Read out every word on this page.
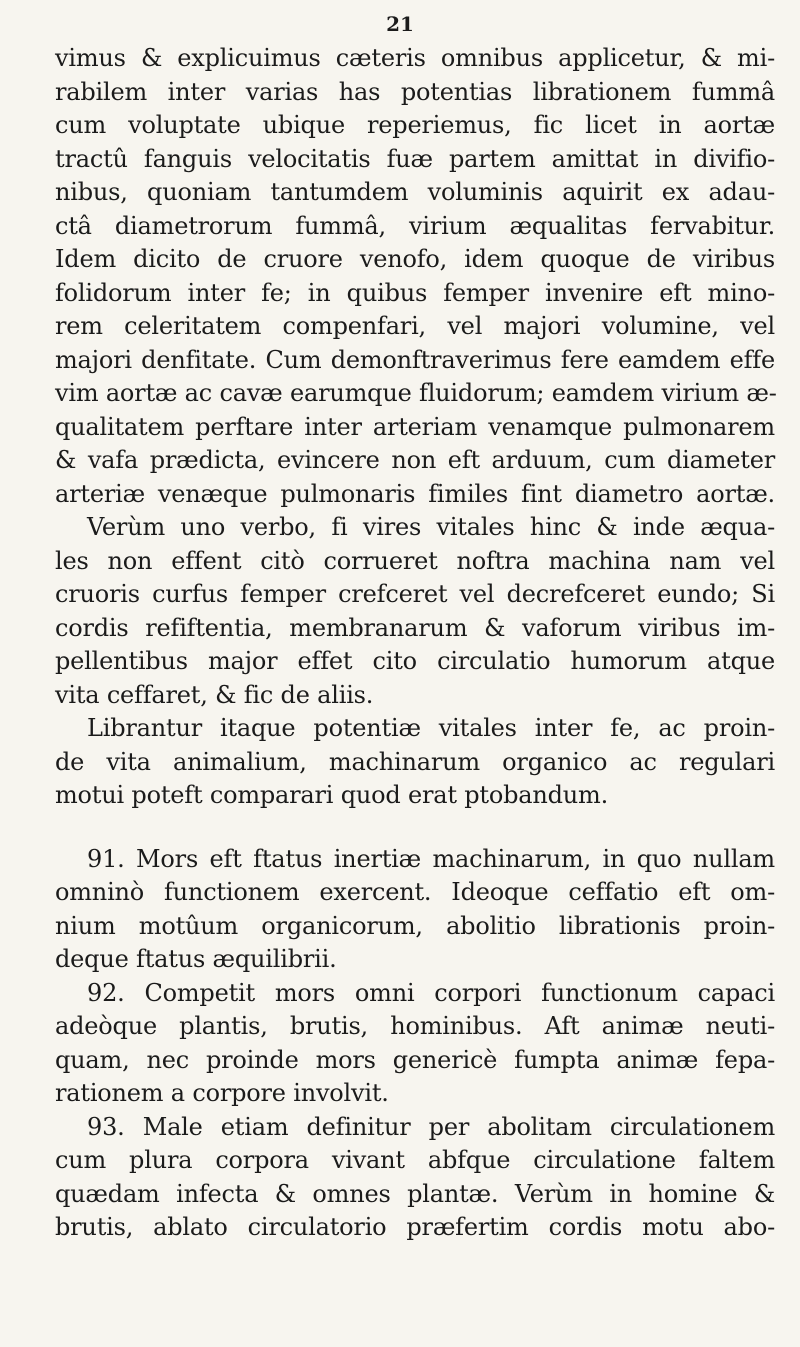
21
vimus & explicuimus cæteris omnibus applicetur, & mi-
rabilem inter varias has potentias librationem fummâ
cum voluptate ubique reperiemus, fic licet in aortæ
tractû fanguis velocitatis fuæ partem amittat in divifio-
nibus, quoniam tantumdem voluminis aquirit ex adau-
ctâ diametrorum fummâ, virium æqualitas fervabitur.
Idem dicito de cruore venofo, idem quoque de viribus
folidorum inter fe; in quibus femper invenire eft mino-
rem celeritatem compenfari, vel majori volumine, vel
majori denfitate. Cum demonftraverimus fere eamdem effe
vim aortæ ac cavæ earumque fluidorum; eamdem virium æ-
qualitatem perftare inter arteriam venamque pulmonarem
& vafa prædicta, evincere non eft arduum, cum diameter
arteriæ venæque pulmonaris fimiles fint diametro aortæ.
Verùm uno verbo, fi vires vitales hinc & inde æqua-
les non effent citò corrueret noftra machina nam vel
cruoris curfus femper crefceret vel decrefceret eundo; Si
cordis refiftentia, membranarum & vaforum viribus im-
pellentibus major effet cito circulatio humorum atque
vita ceffaret, & fic de aliis.
Librantur itaque potentiæ vitales inter fe, ac proin-
de vita animalium, machinarum organico ac regulari
motui poteft comparari quod erat ptobandum.
91. Mors eft ftatus inertiæ machinarum, in quo nullam
omninò functionem exercent. Ideoque ceffatio eft om-
nium motûum organicorum, abolitio librationis proin-
deque ftatus æquilibrii.
92. Competit mors omni corpori functionum capaci
adeòque plantis, brutis, hominibus. Aft animæ neuti-
quam, nec proinde mors genericè fumpta animæ fepa-
rationem a corpore involvit.
93. Male etiam definitur per abolitam circulationem
cum plura corpora vivant abfque circulatione faltem
quædam infecta & omnes plantæ. Verùm in homine &
brutis, ablato circulatorio præfertim cordis motu abo-
